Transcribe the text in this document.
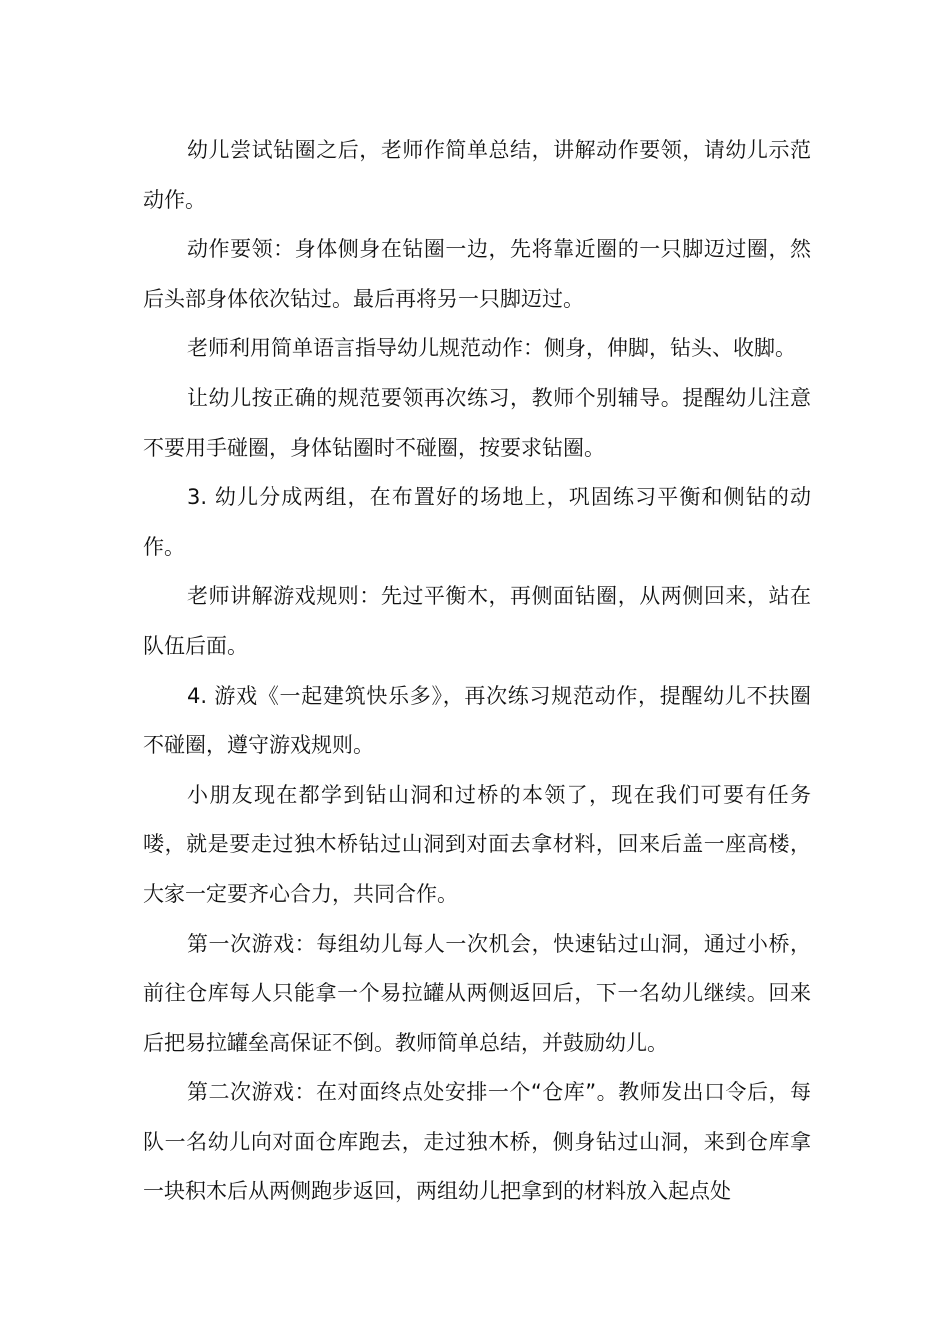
幼儿尝试钻圈之后，老师作简单总结，讲解动作要领，请幼儿示范动作。

动作要领：身体侧身在钻圈一边，先将靠近圈的一只脚迈过圈，然后头部身体依次钻过。最后再将另一只脚迈过。

老师利用简单语言指导幼儿规范动作：侧身，伸脚，钻头、收脚。

让幼儿按正确的规范要领再次练习，教师个别辅导。提醒幼儿注意不要用手碰圈，身体钻圈时不碰圈，按要求钻圈。

3. 幼儿分成两组，在布置好的场地上，巩固练习平衡和侧钻的动作。

老师讲解游戏规则：先过平衡木，再侧面钻圈，从两侧回来，站在队伍后面。

4. 游戏《一起建筑快乐多》，再次练习规范动作，提醒幼儿不扶圈不碰圈，遵守游戏规则。

小朋友现在都学到钻山洞和过桥的本领了，现在我们可要有任务喽，就是要走过独木桥钻过山洞到对面去拿材料，回来后盖一座高楼，大家一定要齐心合力，共同合作。

第一次游戏：每组幼儿每人一次机会，快速钻过山洞，通过小桥，前往仓库每人只能拿一个易拉罐从两侧返回后，下一名幼儿继续。回来后把易拉罐垒高保证不倒。教师简单总结，并鼓励幼儿。

第二次游戏：在对面终点处安排一个“仓库”。教师发出口令后，每队一名幼儿向对面仓库跑去，走过独木桥，侧身钻过山洞，来到仓库拿一块积木后从两侧跑步返回，两组幼儿把拿到的材料放入起点处
